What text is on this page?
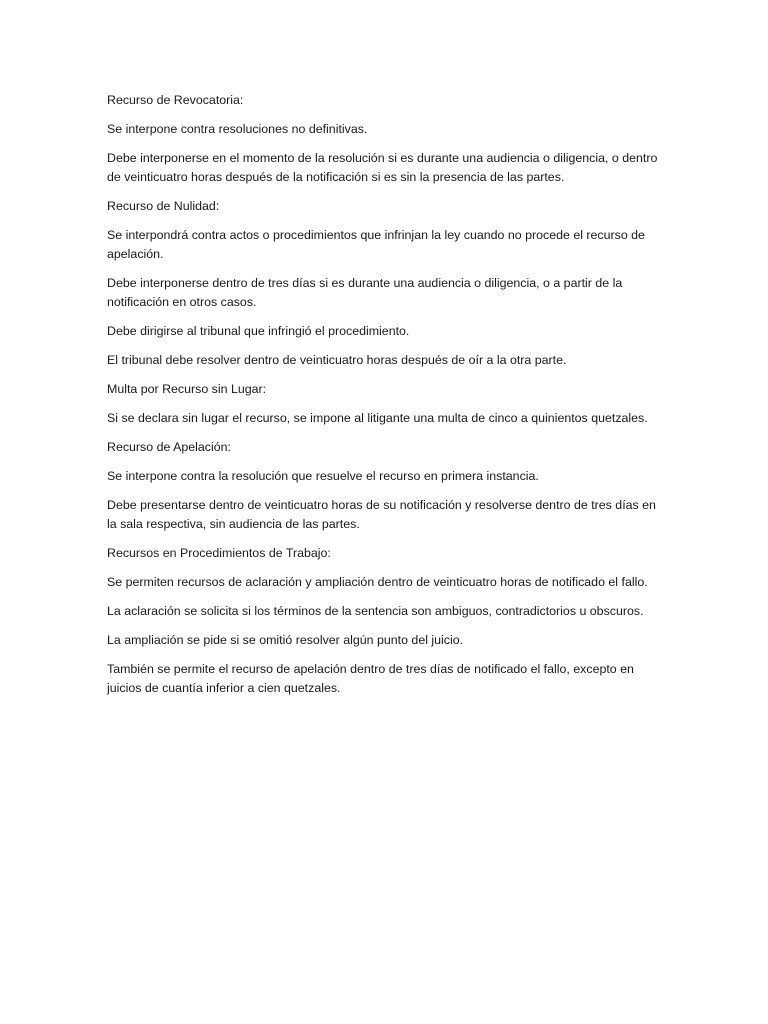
Recurso de Revocatoria:

Se interpone contra resoluciones no definitivas.

Debe interponerse en el momento de la resolución si es durante una audiencia o diligencia, o dentro de veinticuatro horas después de la notificación si es sin la presencia de las partes.

Recurso de Nulidad:

Se interpondrá contra actos o procedimientos que infrinjan la ley cuando no procede el recurso de apelación.

Debe interponerse dentro de tres días si es durante una audiencia o diligencia, o a partir de la notificación en otros casos.

Debe dirigirse al tribunal que infringió el procedimiento.

El tribunal debe resolver dentro de veinticuatro horas después de oír a la otra parte.

Multa por Recurso sin Lugar:

Si se declara sin lugar el recurso, se impone al litigante una multa de cinco a quinientos quetzales.

Recurso de Apelación:

Se interpone contra la resolución que resuelve el recurso en primera instancia.

Debe presentarse dentro de veinticuatro horas de su notificación y resolverse dentro de tres días en la sala respectiva, sin audiencia de las partes.

Recursos en Procedimientos de Trabajo:

Se permiten recursos de aclaración y ampliación dentro de veinticuatro horas de notificado el fallo.

La aclaración se solicita si los términos de la sentencia son ambiguos, contradictorios u obscuros.

La ampliación se pide si se omitió resolver algún punto del juicio.

También se permite el recurso de apelación dentro de tres días de notificado el fallo, excepto en juicios de cuantía inferior a cien quetzales.
